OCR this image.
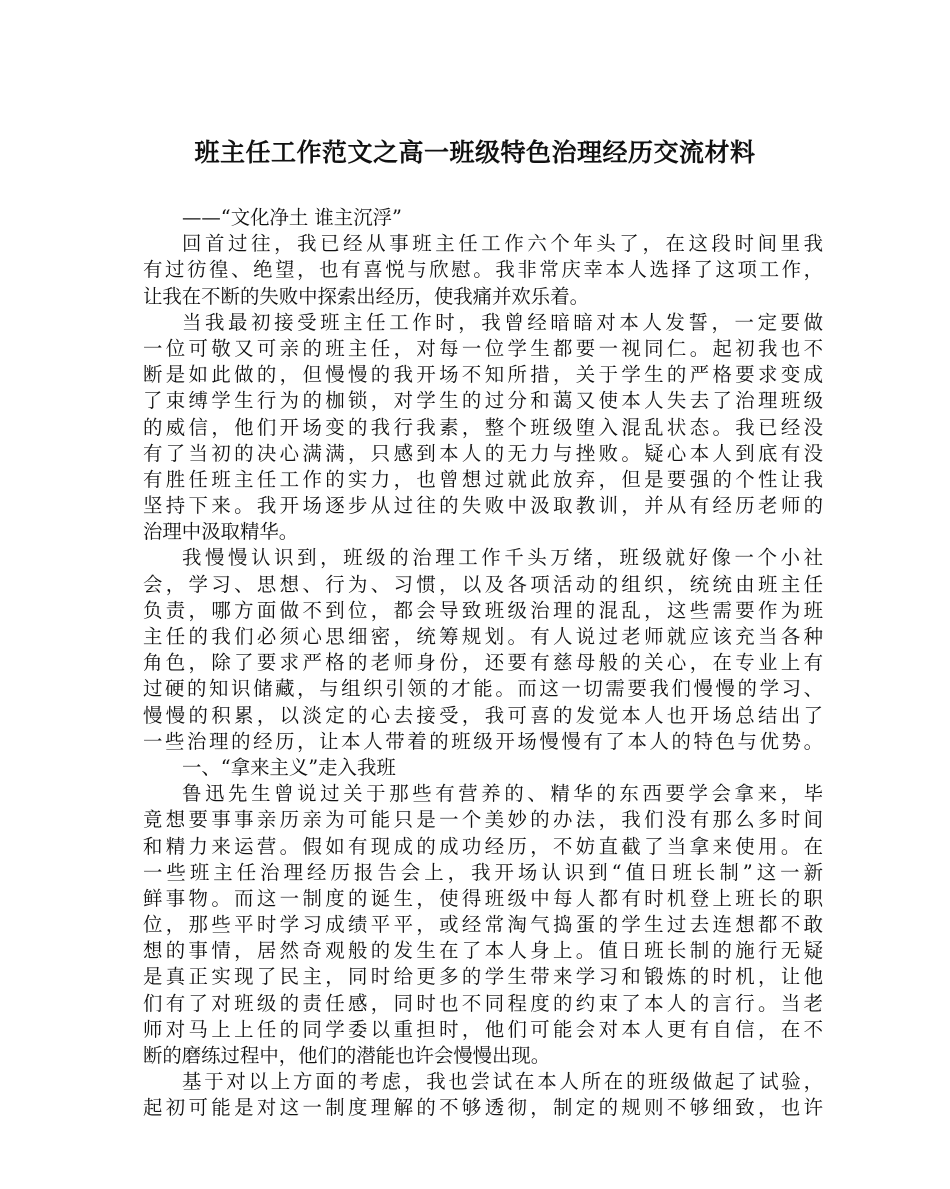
班主任工作范文之高一班级特色治理经历交流材料
——“文化净土 谁主沉浮”
回首过往，我已经从事班主任工作六个年头了，在这段时间里我
有过彷徨、绝望，也有喜悦与欣慰。我非常庆幸本人选择了这项工作，
让我在不断的失败中探索出经历，使我痛并欢乐着。
当我最初接受班主任工作时，我曾经暗暗对本人发誓，一定要做
一位可敬又可亲的班主任，对每一位学生都要一视同仁。起初我也不
断是如此做的，但慢慢的我开场不知所措，关于学生的严格要求变成
了束缚学生行为的枷锁，对学生的过分和蔼又使本人失去了治理班级
的威信，他们开场变的我行我素，整个班级堕入混乱状态。我已经没
有了当初的决心满满，只感到本人的无力与挫败。疑心本人到底有没
有胜任班主任工作的实力，也曾想过就此放弃，但是要强的个性让我
坚持下来。我开场逐步从过往的失败中汲取教训，并从有经历老师的
治理中汲取精华。
我慢慢认识到，班级的治理工作千头万绪，班级就好像一个小社
会，学习、思想、行为、习惯，以及各项活动的组织，统统由班主任
负责，哪方面做不到位，都会导致班级治理的混乱，这些需要作为班
主任的我们必须心思细密，统筹规划。有人说过老师就应该充当各种
角色，除了要求严格的老师身份，还要有慈母般的关心，在专业上有
过硬的知识储藏，与组织引领的才能。而这一切需要我们慢慢的学习、
慢慢的积累，以淡定的心去接受，我可喜的发觉本人也开场总结出了
一些治理的经历，让本人带着的班级开场慢慢有了本人的特色与优势。
一、“拿来主义”走入我班
鲁迅先生曾说过关于那些有营养的、精华的东西要学会拿来，毕
竟想要事事亲历亲为可能只是一个美妙的办法，我们没有那么多时间
和精力来运营。假如有现成的成功经历，不妨直截了当拿来使用。在
一些班主任治理经历报告会上，我开场认识到“值日班长制”这一新
鲜事物。而这一制度的诞生，使得班级中每人都有时机登上班长的职
位，那些平时学习成绩平平，或经常淘气捣蛋的学生过去连想都不敢
想的事情，居然奇观般的发生在了本人身上。值日班长制的施行无疑
是真正实现了民主，同时给更多的学生带来学习和锻炼的时机，让他
们有了对班级的责任感，同时也不同程度的约束了本人的言行。当老
师对马上上任的同学委以重担时，他们可能会对本人更有自信，在不
断的磨练过程中，他们的潜能也许会慢慢出现。
基于对以上方面的考虑，我也尝试在本人所在的班级做起了试验，
起初可能是对这一制度理解的不够透彻，制定的规则不够细致，也许
